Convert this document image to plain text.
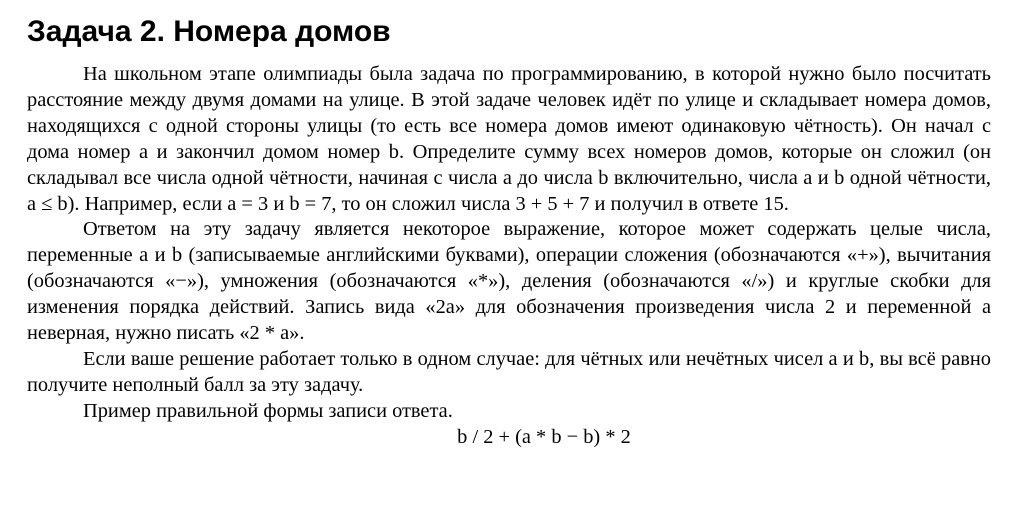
Задача 2. Номера домов

На школьном этапе олимпиады была задача по программированию, в которой нужно было посчитать расстояние между двумя домами на улице. В этой задаче человек идёт по улице и складывает номера домов, находящихся с одной стороны улицы (то есть все номера домов имеют одинаковую чётность). Он начал с дома номер a и закончил домом номер b. Определите сумму всех номеров домов, которые он сложил (он складывал все числа одной чётности, начиная с числа a до числа b включительно, числа a и b одной чётности, a ≤ b). Например, если a = 3 и b = 7, то он сложил числа 3 + 5 + 7 и получил в ответе 15.

Ответом на эту задачу является некоторое выражение, которое может содержать целые числа, переменные a и b (записываемые английскими буквами), операции сложения (обозначаются «+»), вычитания (обозначаются «−»), умножения (обозначаются «*»), деления (обозначаются «/») и круглые скобки для изменения порядка действий. Запись вида «2a» для обозначения произведения числа 2 и переменной a неверная, нужно писать «2 * a».

Если ваше решение работает только в одном случае: для чётных или нечётных чисел a и b, вы всё равно получите неполный балл за эту задачу.

Пример правильной формы записи ответа.

b / 2 + (a * b − b) * 2
